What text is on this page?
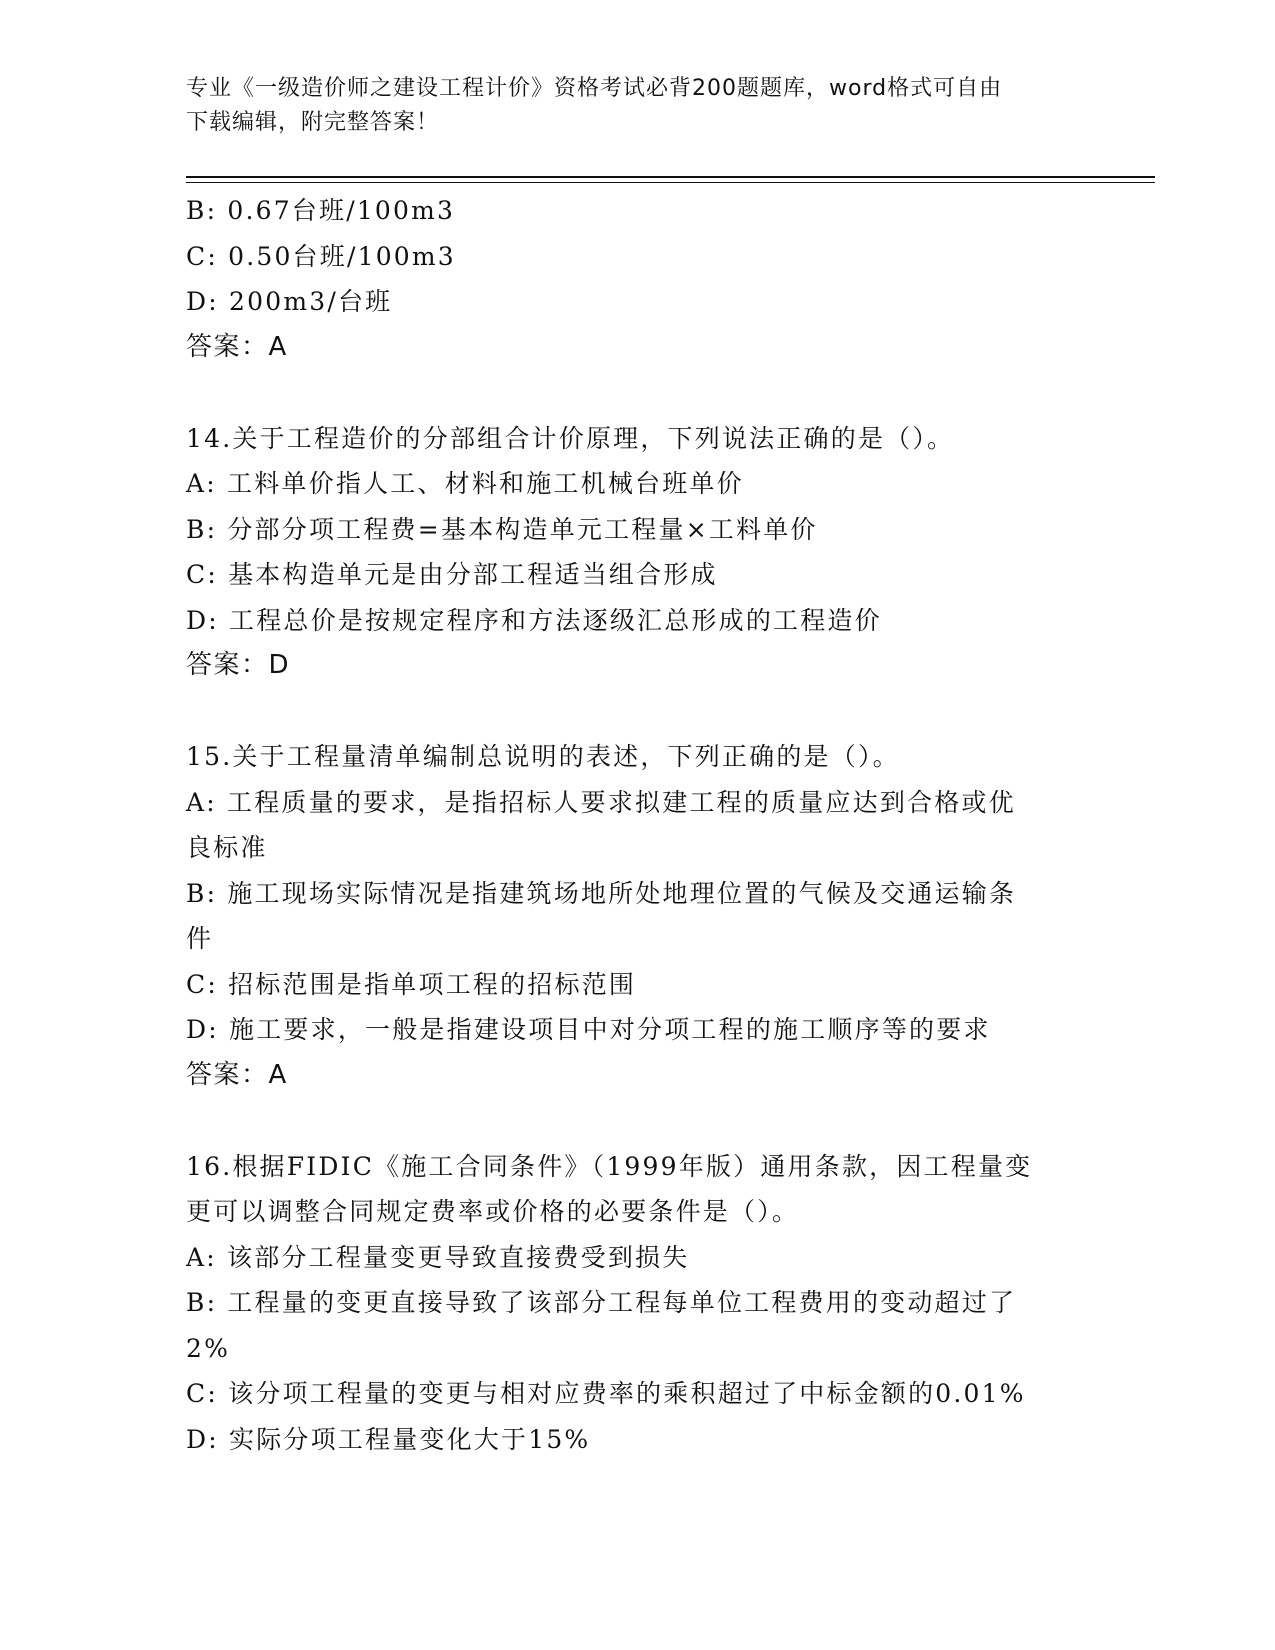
专业《一级造价师之建设工程计价》资格考试必背200题题库，word格式可自由
下载编辑，附完整答案！
B: 0.67台班/100m3
C: 0.50台班/100m3
D: 200m3/台班
答案：A
14.关于工程造价的分部组合计价原理，下列说法正确的是（）。
A: 工料单价指人工、材料和施工机械台班单价
B: 分部分项工程费=基本构造单元工程量×工料单价
C: 基本构造单元是由分部工程适当组合形成
D: 工程总价是按规定程序和方法逐级汇总形成的工程造价
答案：D
15.关于工程量清单编制总说明的表述，下列正确的是（）。
A: 工程质量的要求，是指招标人要求拟建工程的质量应达到合格或优
良标准
B: 施工现场实际情况是指建筑场地所处地理位置的气候及交通运输条
件
C: 招标范围是指单项工程的招标范围
D: 施工要求，一般是指建设项目中对分项工程的施工顺序等的要求
答案：A
16.根据FIDIC《施工合同条件》（1999年版）通用条款，因工程量变
更可以调整合同规定费率或价格的必要条件是（）。
A: 该部分工程量变更导致直接费受到损失
B: 工程量的变更直接导致了该部分工程每单位工程费用的变动超过了
2%
C: 该分项工程量的变更与相对应费率的乘积超过了中标金额的0.01%
D: 实际分项工程量变化大于15%
